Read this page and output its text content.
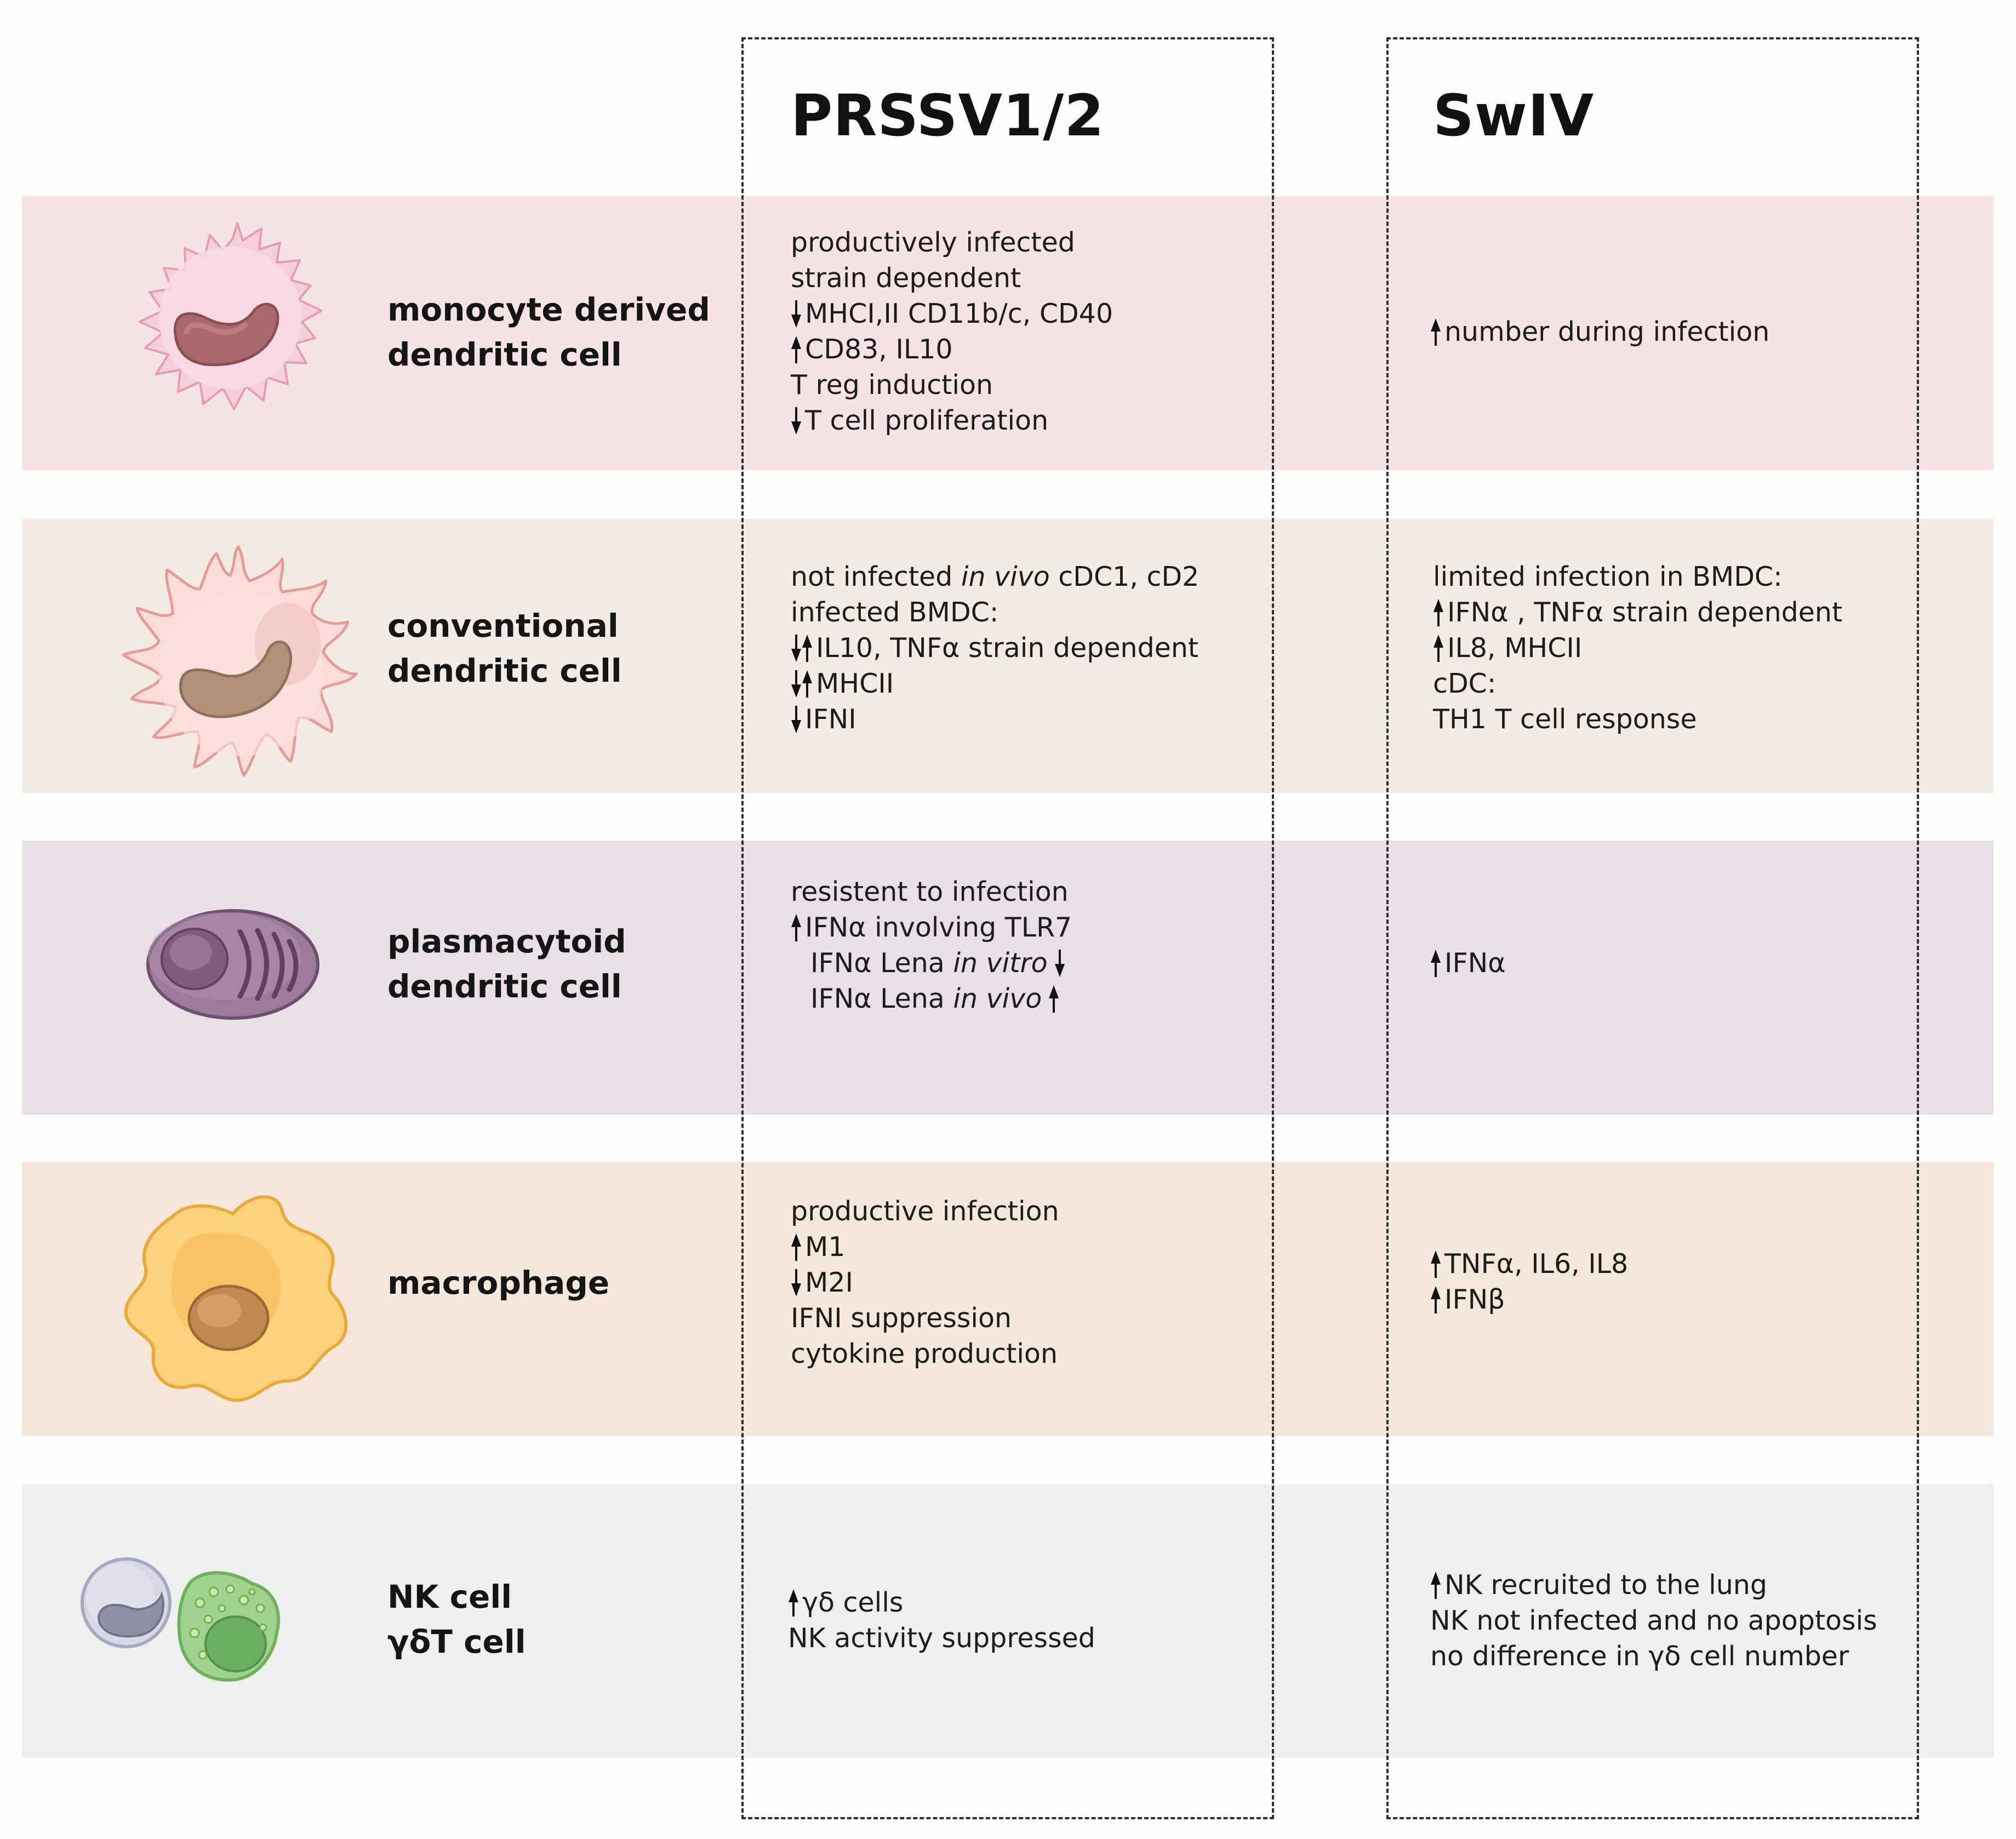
PRSSV1/2	SwIV
monocyte derived
dendritic cell
conventional
dendritic cell
plasmacytoid
dendritic cell
macrophage
NK cell
γδT cell
productively infected
strain dependent
MHCI,II CD11b/c, CD40
CD83, IL10
T reg induction
T cell proliferation
number during infection
not infected in vivo cDC1, cD2
infected BMDC:
IL10, TNFα strain dependent
MHCII
IFNI
limited infection in BMDC:
IFNα , TNFα strain dependent
IL8, MHCII
cDC:
TH1 T cell response
resistent to infection
IFNα involving TLR7
IFNα Lena in vitro
IFNα Lena in vivo
IFNα
productive infection
M1
M2I
IFNI suppression
cytokine production
TNFα, IL6, IL8
IFNβ
γδ cells
NK activity suppressed
NK recruited to the lung
NK not infected and no apoptosis
no difference in γδ cell number
